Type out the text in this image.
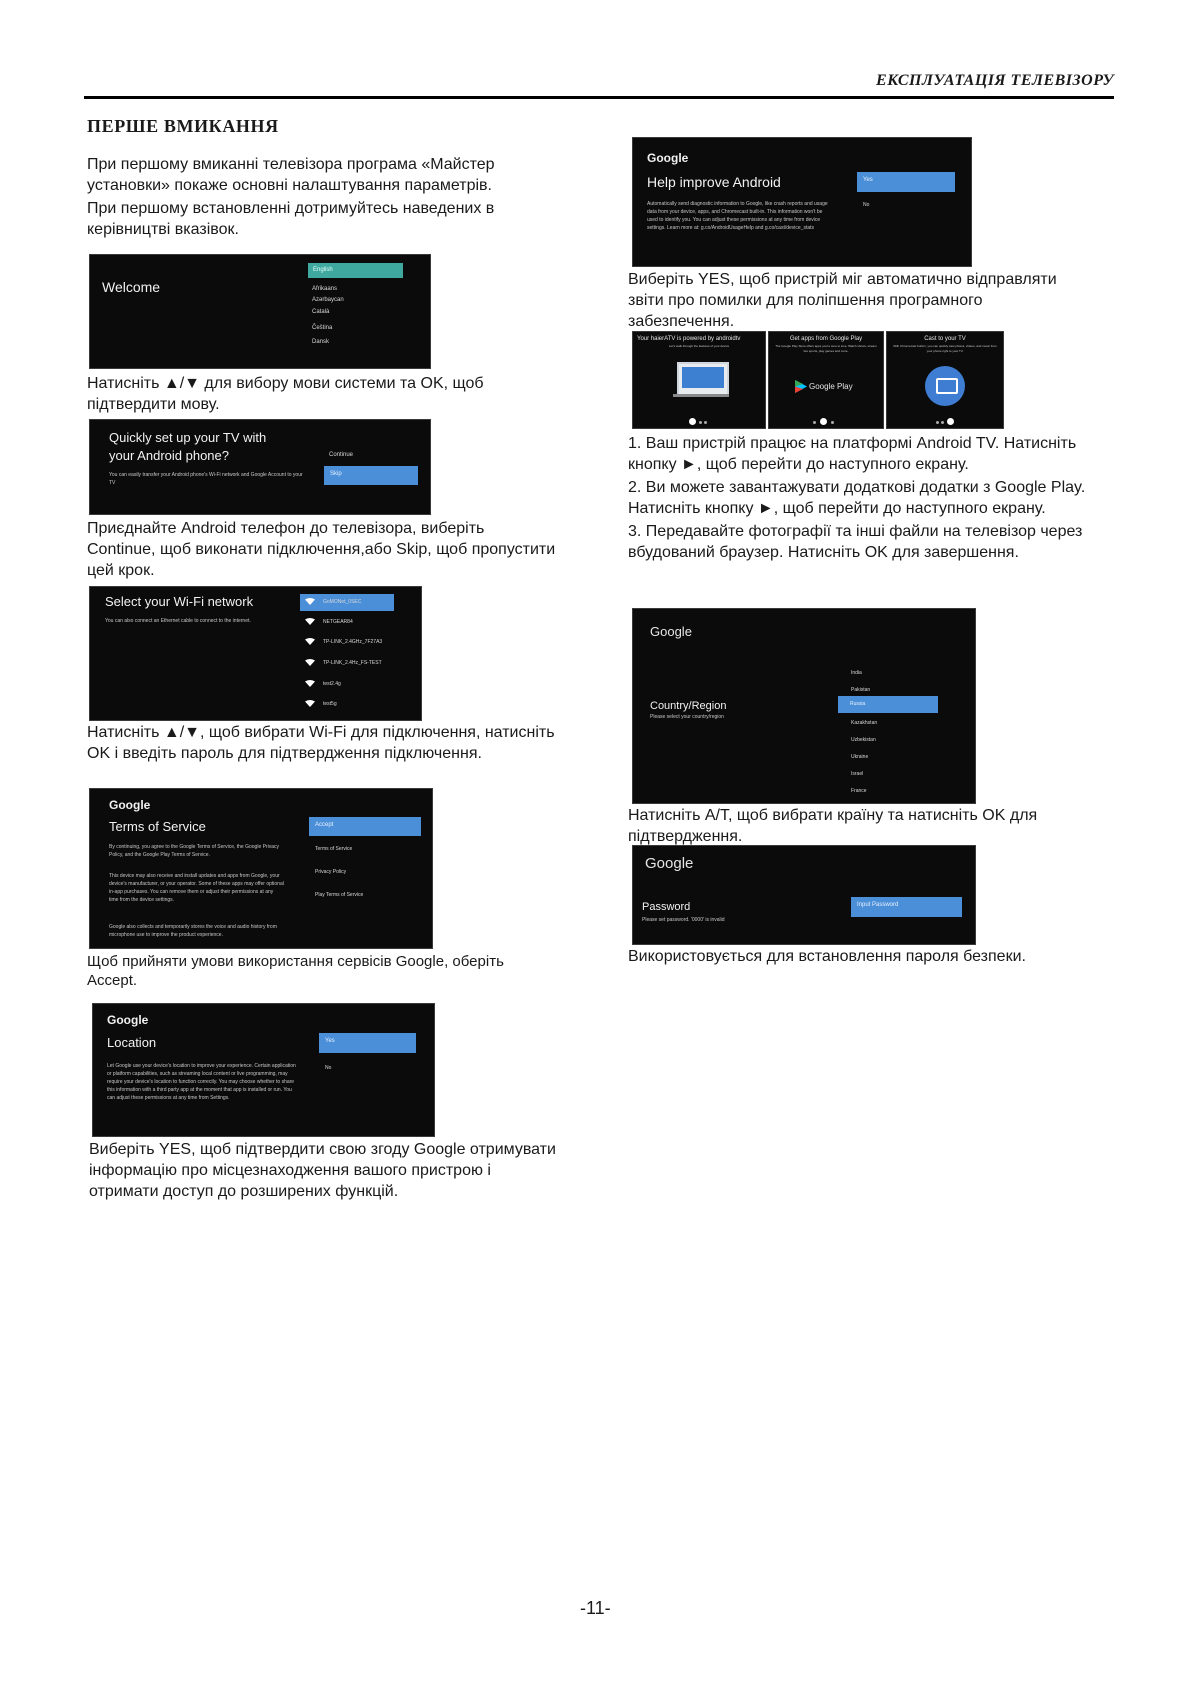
ЕКСПЛУАТАЦІЯ ТЕЛЕВІЗОРУ
ПЕРШЕ ВМИКАННЯ

При першому вмиканні телевізора програма «Майстер установки» покаже основні налаштування параметрів.

При першому встановленні дотримуйтесь наведених в керівництві вказівок.

Welcome
English
Afrikaans
Azərbaycan
Català
Čeština
Dansk
Натисніть ▲/▼ для вибору мови системи та OK, щоб підтвердити мову.
Quickly set up your TV with
your Android phone?
You can easily transfer your Android phone's Wi-Fi network and Google Account to your TV
Continue
Skip
Приєднайте Android телефон до телевізора, виберіть Continue, щоб виконати підключення,або Skip, щоб пропустити цей крок.
Select your Wi-Fi network
You can also connect an Ethernet cable to connect to the internet.
GoMONet_0SEC
NETGEAR84
TP-LINK_2.4GHz_7F27A3
TP-LINK_2.4Hz_FS-TEST
test2.4g
test5g
Натисніть ▲/▼, щоб вибрати Wi-Fi для підключення, натисніть OK і введіть пароль для підтвердження підключення.
Google
Terms of Service
By continuing, you agree to the Google Terms of Service, the Google Privacy Policy, and the Google Play Terms of Service.
This device may also receive and install updates and apps from Google, your device's manufacturer, or your operator. Some of these apps may offer optional in-app purchases. You can remove them or adjust their permissions at any time from the device settings.
Google also collects and temporarily stores the voice and audio history from microphone use to improve the product experience.
Accept
Terms of Service
Privacy Policy
Play Terms of Service
Щоб прийняти умови використання сервісів Google, оберіть Accept.
Google
Location
Let Google use your device's location to improve your experience. Certain application or platform capabilities, such as streaming local content or live programming, may require your device's location to function correctly. You may choose whether to share this information with a third party app at the moment that app is installed or run. You can adjust these permissions at any time from Settings.
Yes
No
Виберіть YES, щоб підтвердити свою згоду Google отримувати інформацію про місцезнаходження вашого пристрою і отримати доступ до розширених функцій.
Google
Help improve Android
Automatically send diagnostic information to Google, like crash reports and usage data from your device, apps, and Chromecast built-in. This information won't be used to identify you. You can adjust these permissions at any time from device settings. Learn more at: g.co/AndroidUsageHelp and g.co/cast/device_stats
Yes
No
Виберіть YES, щоб пристрій міг автоматично відправляти звіти про помилки для поліпшення програмного забезпечення.
Your haierATV is powered by androidtv
Let's walk through the features of your device
Get apps from Google Play
The Google Play Store offers apps you're sure to love. Watch shows, stream live sports, play games and more.
Google Play
Cast to your TV
With Chromecast built-in, you can quickly cast photos, videos, and music from your phone right to your TV.

1. Ваш пристрій працює на платформі Android TV. Натисніть кнопку ►, щоб перейти до наступного екрану.

2. Ви можете завантажувати додаткові додатки з Google Play. Натисніть кнопку ►, щоб перейти до наступного екрану.

3. Передавайте фотографії та інші файли на телевізор через вбудований браузер. Натисніть OK для завершення.

Google
Country/Region
Please select your country/region
India
Pakistan
Russia
Kazakhstan
Uzbekistan
Ukraine
Israel
France
Натисніть A/T, щоб вибрати країну та натисніть OK для підтвердження.
Google
Password
Please set password. '0000' is invalid
Input Password
Використовується для встановлення пароля безпеки.
-11-
